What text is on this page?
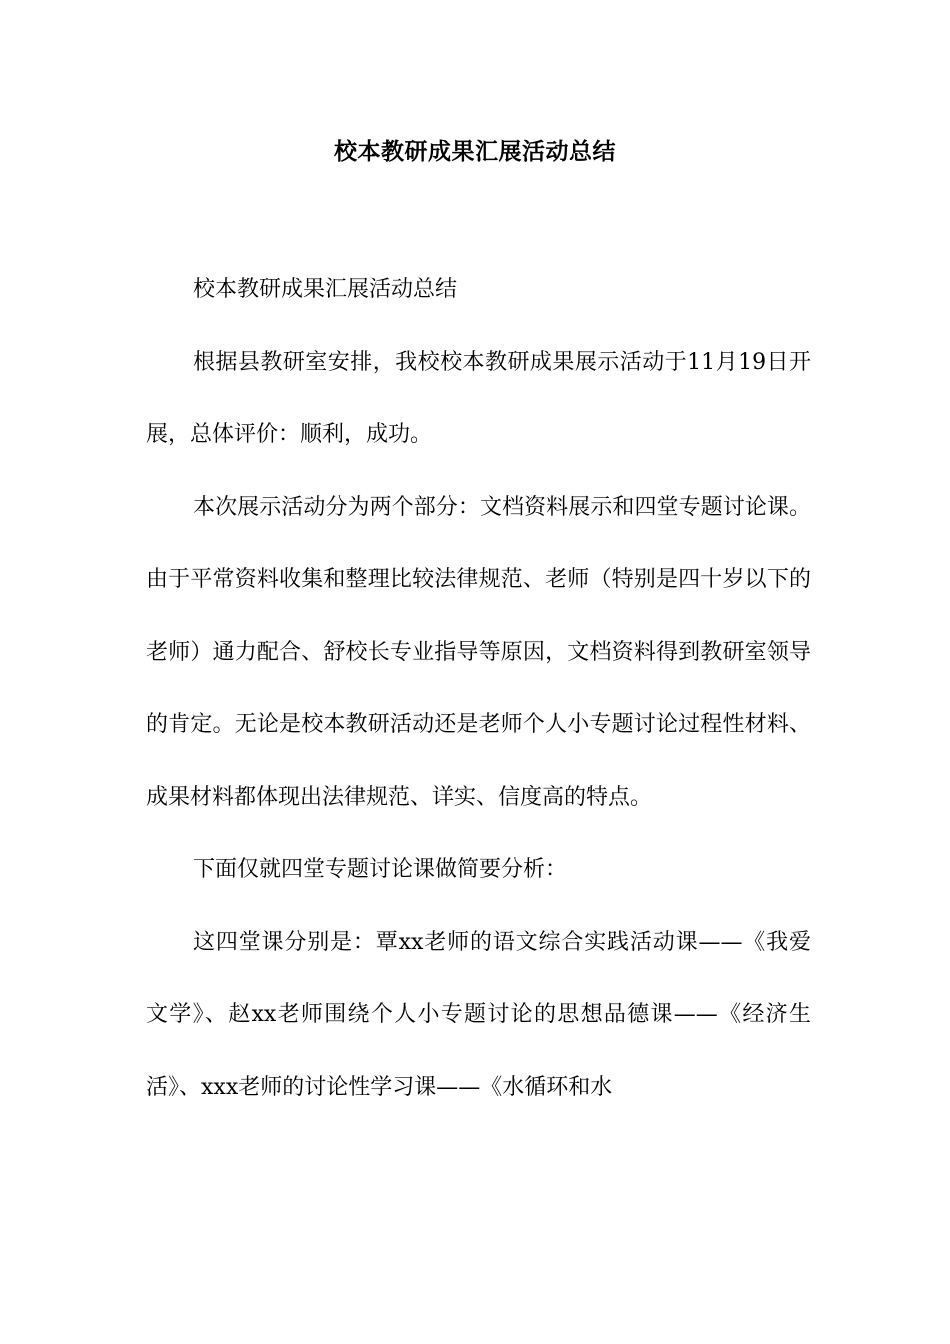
校本教研成果汇展活动总结

校本教研成果汇展活动总结

根据县教研室安排，我校校本教研成果展示活动于11月19日开展，总体评价：顺利，成功。

本次展示活动分为两个部分：文档资料展示和四堂专题讨论课。由于平常资料收集和整理比较法律规范、老师（特别是四十岁以下的老师）通力配合、舒校长专业指导等原因，文档资料得到教研室领导的肯定。无论是校本教研活动还是老师个人小专题讨论过程性材料、成果材料都体现出法律规范、详实、信度高的特点。

下面仅就四堂专题讨论课做简要分析：

这四堂课分别是：覃xx老师的语文综合实践活动课——《我爱文学》、赵xx老师围绕个人小专题讨论的思想品德课——《经济生活》、xxx老师的讨论性学习课——《水循环和水
